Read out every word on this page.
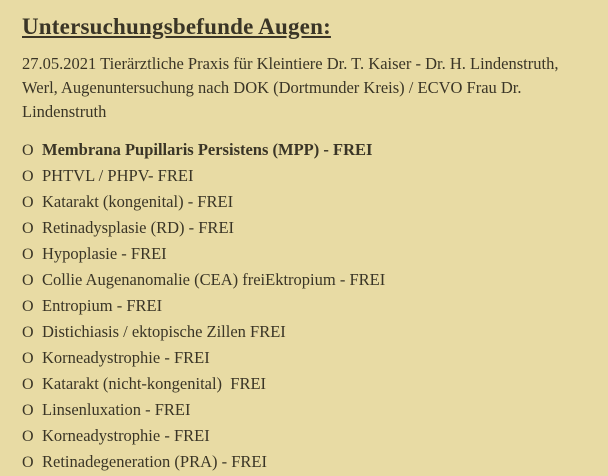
Untersuchungsbefunde Augen:

27.05.2021 Tierärztliche Praxis für Kleintiere Dr. T. Kaiser - Dr. H. Lindenstruth, Werl, Augenuntersuchung nach DOK (Dortmunder Kreis) / ECVO Frau Dr. Lindenstruth

O Membrana Pupillaris Persistens (MPP) - FREI
O PHTVL / PHPV- FREI
O Katarakt (kongenital) - FREI
O Retinadysplasie (RD) - FREI
O Hypoplasie - FREI
O Collie Augenanomalie (CEA) freiEktropium - FREI
O Entropium - FREI
O Distichiasis / ektopische Zillen FREI
O Korneadystrophie - FREI
O Katarakt (nicht-kongenital)  FREI
O Linsenluxation - FREI
O Korneadystrophie - FREI
O Retinadegeneration (PRA) - FREI
